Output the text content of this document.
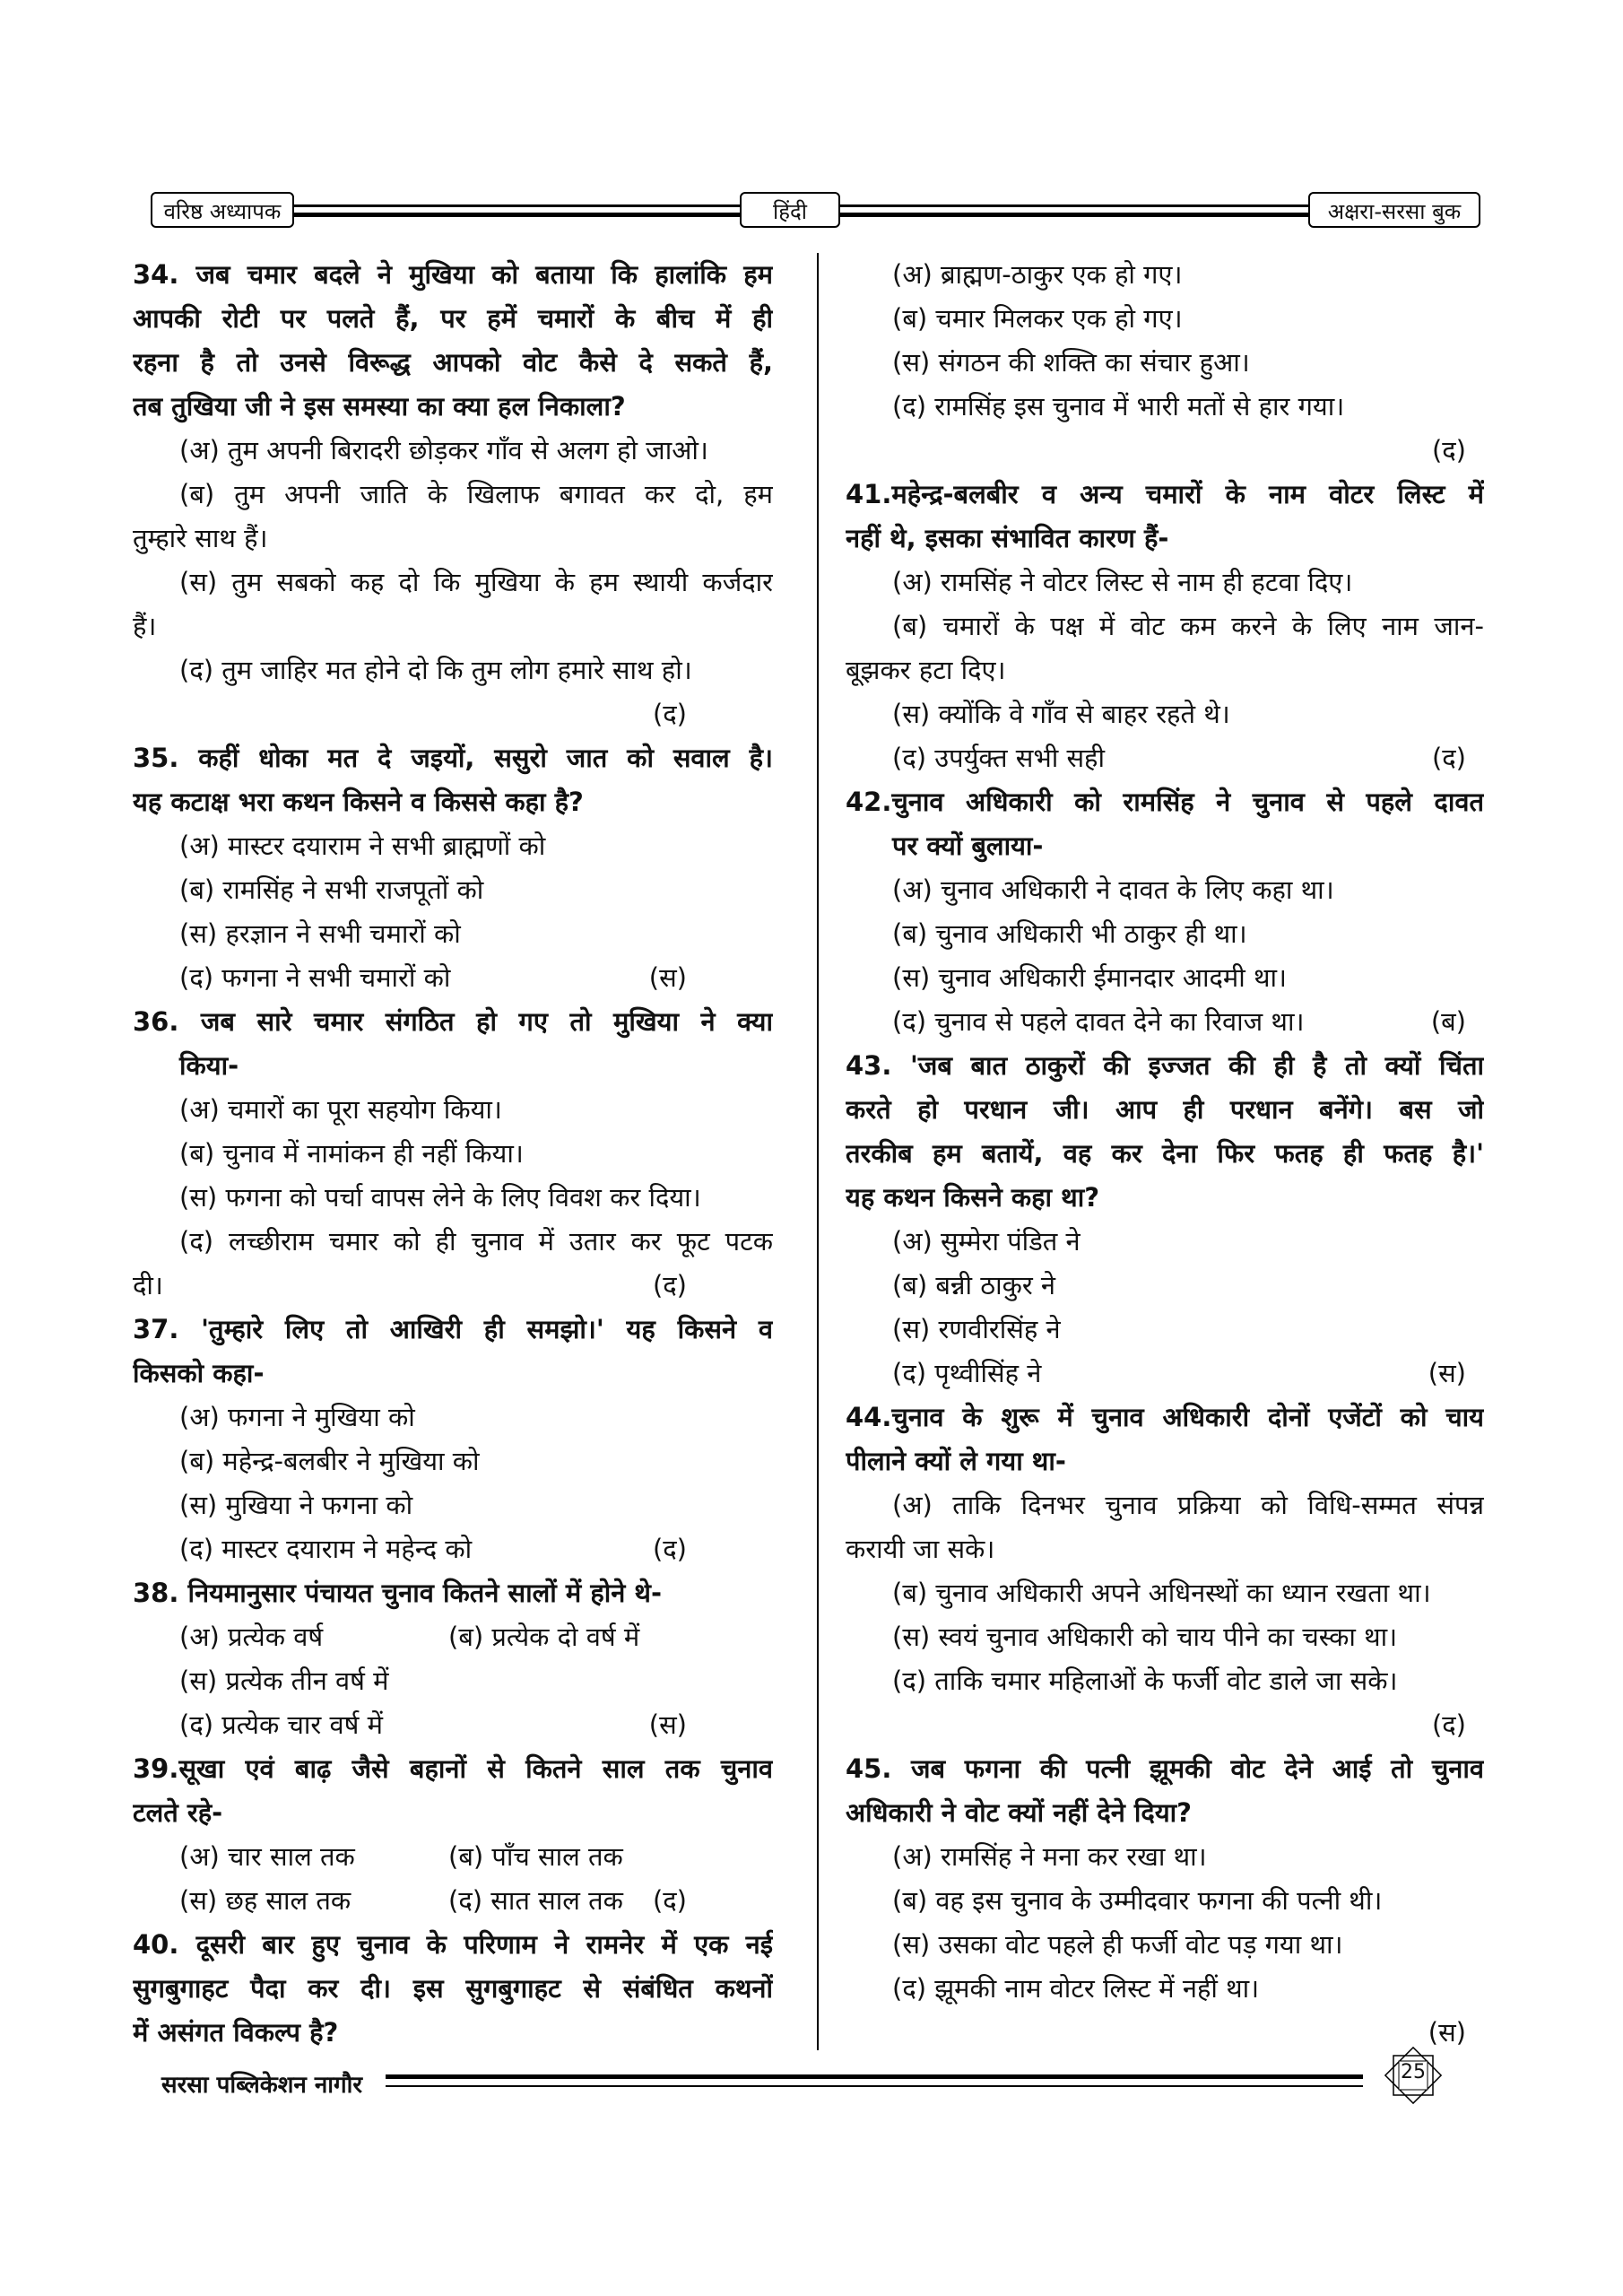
वरिष्ठ अध्यापक	हिंदी	अक्षरा-सरसा बुक
34. जब चमार बदले ने मुखिया को बताया कि हालांकि हम
आपकी रोटी पर पलते हैं, पर हमें चमारों के बीच में ही
रहना है तो उनसे विरूद्ध आपको वोट कैसे दे सकते हैं,
तब तुखिया जी ने इस समस्या का क्या हल निकाला?
(अ) तुम अपनी बिरादरी छोड़कर गाँव से अलग हो जाओ।
(ब) तुम अपनी जाति के खिलाफ बगावत कर दो, हम
तुम्हारे साथ हैं।
(स) तुम सबको कह दो कि मुखिया के हम स्थायी कर्जदार
हैं।
(द) तुम जाहिर मत होने दो कि तुम लोग हमारे साथ हो।
(द)
35. कहीं धोका मत दे जइयों, ससुरो जात को सवाल है।
यह कटाक्ष भरा कथन किसने व किससे कहा है?
(अ) मास्टर दयाराम ने सभी ब्राह्मणों को
(ब) रामसिंह ने सभी राजपूतों को
(स) हरज्ञान ने सभी चमारों को
(द) फगना ने सभी चमारों को	(स)
36. जब सारे चमार संगठित हो गए तो मुखिया ने क्या
किया-
(अ) चमारों का पूरा सहयोग किया।
(ब) चुनाव में नामांकन ही नहीं किया।
(स) फगना को पर्चा वापस लेने के लिए विवश कर दिया।
(द) लच्छीराम चमार को ही चुनाव में उतार कर फूट पटक
दी।	(द)
37. 'तुम्हारे लिए तो आखिरी ही समझो।' यह किसने व
किसको कहा-
(अ) फगना ने मुखिया को
(ब) महेन्द्र-बलबीर ने मुखिया को
(स) मुखिया ने फगना को
(द) मास्टर दयाराम ने महेन्द को	(द)
38. नियमानुसार पंचायत चुनाव कितने सालों में होने थे-
(अ) प्रत्येक वर्ष	(ब) प्रत्येक दो वर्ष में
(स) प्रत्येक तीन वर्ष में
(द) प्रत्येक चार वर्ष में	(स)
39.सूखा एवं बाढ़ जैसे बहानों से कितने साल तक चुनाव
टलते रहे-
(अ) चार साल तक	(ब) पाँच साल तक
(स) छह साल तक	(द) सात साल तक	(द)
40. दूसरी बार हुए चुनाव के परिणाम ने रामनेर में एक नई
सुगबुगाहट पैदा कर दी। इस सुगबुगाहट से संबंधित कथनों
में असंगत विकल्प है?
(अ) ब्राह्मण-ठाकुर एक हो गए।
(ब) चमार मिलकर एक हो गए।
(स) संगठन की शक्ति का संचार हुआ।
(द) रामसिंह इस चुनाव में भारी मतों से हार गया।
(द)
41.महेन्द्र-बलबीर व अन्य चमारों के नाम वोटर लिस्ट में
नहीं थे, इसका संभावित कारण हैं-
(अ) रामसिंह ने वोटर लिस्ट से नाम ही हटवा दिए।
(ब) चमारों के पक्ष में वोट कम करने के लिए नाम जान-
बूझकर हटा दिए।
(स) क्योंकि वे गाँव से बाहर रहते थे।
(द) उपर्युक्त सभी सही	(द)
42.चुनाव अधिकारी को रामसिंह ने चुनाव से पहले दावत
पर क्यों बुलाया-
(अ) चुनाव अधिकारी ने दावत के लिए कहा था।
(ब) चुनाव अधिकारी भी ठाकुर ही था।
(स) चुनाव अधिकारी ईमानदार आदमी था।
(द) चुनाव से पहले दावत देने का रिवाज था।	(ब)
43. 'जब बात ठाकुरों की इज्जत की ही है तो क्यों चिंता
करते हो परधान जी। आप ही परधान बनेंगे। बस जो
तरकीब हम बतायें, वह कर देना फिर फतह ही फतह है।'
यह कथन किसने कहा था?
(अ) सुम्मेरा पंडित ने
(ब) बन्नी ठाकुर ने
(स) रणवीरसिंह ने
(द) पृथ्वीसिंह ने	(स)
44.चुनाव के शुरू में चुनाव अधिकारी दोनों एजेंटों को चाय
पीलाने क्यों ले गया था-
(अ) ताकि दिनभर चुनाव प्रक्रिया को विधि-सम्मत संपन्न
करायी जा सके।
(ब) चुनाव अधिकारी अपने अधिनस्थों का ध्यान रखता था।
(स) स्वयं चुनाव अधिकारी को चाय पीने का चस्का था।
(द) ताकि चमार महिलाओं के फर्जी वोट डाले जा सके।
(द)
45. जब फगना की पत्नी झूमकी वोट देने आई तो चुनाव
अधिकारी ने वोट क्यों नहीं देने दिया?
(अ) रामसिंह ने मना कर रखा था।
(ब) वह इस चुनाव के उम्मीदवार फगना की पत्नी थी।
(स) उसका वोट पहले ही फर्जी वोट पड़ गया था।
(द) झूमकी नाम वोटर लिस्ट में नहीं था।
(स)
सरसा पब्लिकेशन नागौर	25
